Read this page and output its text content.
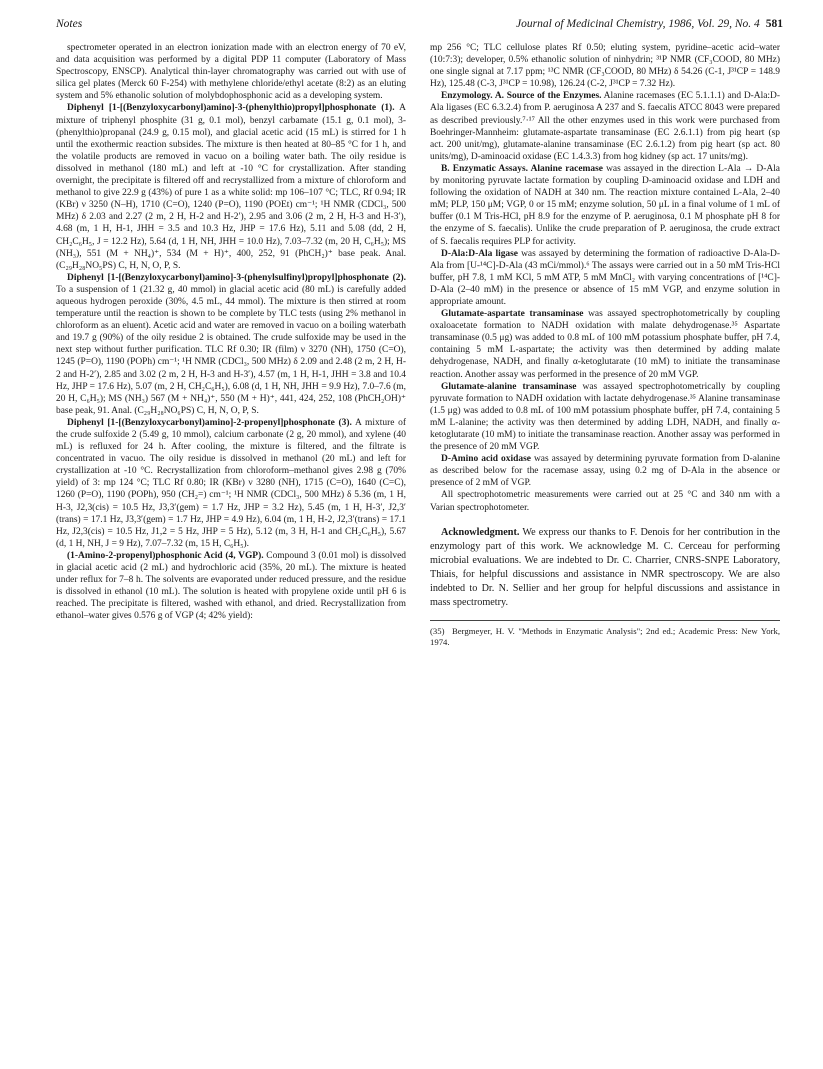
Notes	Journal of Medicinal Chemistry, 1986, Vol. 29, No. 4 581

spectrometer operated in an electron ionization made with an electron energy of 70 eV, and data acquisition was performed by a digital PDP 11 computer (Laboratory of Mass Spectroscopy, ENSCP). Analytical thin-layer chromatography was carried out with use of silica gel plates (Merck 60 F-254) with methylene chloride/ethyl acetate (8:2) as an eluting system and 5% ethanolic solution of molybdophosphonic acid as a developing system.

Diphenyl [1-[(Benzyloxycarbonyl)amino]-3-(phenylthio)propyl]phosphonate (1). A mixture of triphenyl phosphite (31 g, 0.1 mol), benzyl carbamate (15.1 g, 0.1 mol), 3-(phenylthio)propanal (24.9 g, 0.15 mol), and glacial acetic acid (15 mL) is stirred for 1 h until the exothermic reaction subsides. The mixture is then heated at 80–85 °C for 1 h, and the volatile products are removed in vacuo on a boiling water bath. The oily residue is dissolved in methanol (180 mL) and left at -10 °C for crystallization. After standing overnight, the precipitate is filtered off and recrystallized from a mixture of chloroform and methanol to give 22.9 g (43%) of pure 1 as a white solid: mp 106–107 °C; TLC, Rf 0.94; IR (KBr) ν 3250 (N–H), 1710 (C=O), 1240 (P=O), 1190 (POEt) cm⁻¹; ¹H NMR (CDCl₃, 500 MHz) δ 2.03 and 2.27 (2 m, 2 H, H-2 and H-2′), 2.95 and 3.06 (2 m, 2 H, H-3 and H-3′), 4.68 (m, 1 H, H-1, JHH = 3.5 and 10.3 Hz, JHP = 17.6 Hz), 5.11 and 5.08 (dd, 2 H, CH₂C₆H₅, J = 12.2 Hz), 5.64 (d, 1 H, NH, JHH = 10.0 Hz), 7.03–7.32 (m, 20 H, C₆H₅); MS (NH₃), 551 (M + NH₄)⁺, 534 (M + H)⁺, 400, 252, 91 (PhCH₂)⁺ base peak. Anal. (C₂₉H₂₈NO₅PS) C, H, N, O, P, S.

Diphenyl [1-[(Benzyloxycarbonyl)amino]-3-(phenylsulfinyl)propyl]phosphonate (2). To a suspension of 1 (21.32 g, 40 mmol) in glacial acetic acid (80 mL) is carefully added aqueous hydrogen peroxide (30%, 4.5 mL, 44 mmol). The mixture is then stirred at room temperature until the reaction is shown to be complete by TLC tests (using 2% methanol in chloroform as an eluent). Acetic acid and water are removed in vacuo on a boiling waterbath and 19.7 g (90%) of the oily residue 2 is obtained. The crude sulfoxide may be used in the next step without further purification. TLC Rf 0.30; IR (film) ν 3270 (NH), 1750 (C=O), 1245 (P=O), 1190 (POPh) cm⁻¹; ¹H NMR (CDCl₃, 500 MHz) δ 2.09 and 2.48 (2 m, 2 H, H-2 and H-2′), 2.85 and 3.02 (2 m, 2 H, H-3 and H-3′), 4.57 (m, 1 H, H-1, JHH = 3.8 and 10.4 Hz, JHP = 17.6 Hz), 5.07 (m, 2 H, CH₂C₆H₅), 6.08 (d, 1 H, NH, JHH = 9.9 Hz), 7.0–7.6 (m, 20 H, C₆H₅); MS (NH₃) 567 (M + NH₄)⁺, 550 (M + H)⁺, 441, 424, 252, 108 (PhCH₂OH)⁺ base peak, 91. Anal. (C₂₉H₂₈NO₆PS) C, H, N, O, P, S.

Diphenyl [1-[(Benzyloxycarbonyl)amino]-2-propenyl]phosphonate (3). A mixture of the crude sulfoxide 2 (5.49 g, 10 mmol), calcium carbonate (2 g, 20 mmol), and xylene (40 mL) is refluxed for 24 h. After cooling, the mixture is filtered, and the filtrate is concentrated in vacuo. The oily residue is dissolved in methanol (20 mL) and left for crystallization at -10 °C. Recrystallization from chloroform–methanol gives 2.98 g (70% yield) of 3: mp 124 °C; TLC Rf 0.80; IR (KBr) ν 3280 (NH), 1715 (C=O), 1640 (C=C), 1260 (P=O), 1190 (POPh), 950 (CH₂=) cm⁻¹; ¹H NMR (CDCl₃, 500 MHz) δ 5.36 (m, 1 H, H-3, J2,3(cis) = 10.5 Hz, J3,3′(gem) = 1.7 Hz, JHP = 3.2 Hz), 5.45 (m, 1 H, H-3′, J2,3′(trans) = 17.1 Hz, J3,3′(gem) = 1.7 Hz, JHP = 4.9 Hz), 6.04 (m, 1 H, H-2, J2,3′(trans) = 17.1 Hz, J2,3(cis) = 10.5 Hz, J1,2 = 5 Hz, JHP = 5 Hz), 5.12 (m, 3 H, H-1 and CH₂C₆H₅), 5.67 (d, 1 H, NH, J = 9 Hz), 7.07–7.32 (m, 15 H, C₆H₅).

(1-Amino-2-propenyl)phosphonic Acid (4, VGP). Compound 3 (0.01 mol) is dissolved in glacial acetic acid (2 mL) and hydrochloric acid (35%, 20 mL). The mixture is heated under reflux for 7–8 h. The solvents are evaporated under reduced pressure, and the residue is dissolved in ethanol (10 mL). The solution is heated with propylene oxide until pH 6 is reached. The precipitate is filtered, washed with ethanol, and dried. Recrystallization from ethanol–water gives 0.576 g of VGP (4; 42% yield):

mp 256 °C; TLC cellulose plates Rf 0.50; eluting system, pyridine–acetic acid–water (10:7:3); developer, 0.5% ethanolic solution of ninhydrin; ³¹P NMR (CF₃COOD, 80 MHz) one single signal at 7.17 ppm; ¹³C NMR (CF₃COOD, 80 MHz) δ 54.26 (C-1, J³¹CP = 148.9 Hz), 125.48 (C-3, J³¹CP = 10.98), 126.24 (C-2, J³¹CP = 7.32 Hz).

Enzymology. A. Source of the Enzymes. Alanine racemases (EC 5.1.1.1) and D-Ala:D-Ala ligases (EC 6.3.2.4) from P. aeruginosa A 237 and S. faecalis ATCC 8043 were prepared as described previously.⁷·¹⁷ All the other enzymes used in this work were purchased from Boehringer-Mannheim: glutamate-aspartate transaminase (EC 2.6.1.1) from pig heart (sp act. 200 unit/mg), glutamate-alanine transaminase (EC 2.6.1.2) from pig heart (sp act. 80 units/mg), D-aminoacid oxidase (EC 1.4.3.3) from hog kidney (sp act. 17 units/mg).

B. Enzymatic Assays. Alanine racemase was assayed in the direction L-Ala → D-Ala by monitoring pyruvate lactate formation by coupling D-aminoacid oxidase and LDH and following the oxidation of NADH at 340 nm. The reaction mixture contained L-Ala, 2–40 mM; PLP, 150 μM; VGP, 0 or 15 mM; enzyme solution, 50 μL in a final volume of 1 mL of buffer (0.1 M Tris-HCl, pH 8.9 for the enzyme of P. aeruginosa, 0.1 M phosphate pH 8 for the enzyme of S. faecalis). Unlike the crude preparation of P. aeruginosa, the crude extract of S. faecalis requires PLP for activity.

D-Ala:D-Ala ligase was assayed by determining the formation of radioactive D-Ala-D-Ala from [U-¹⁴C]-D-Ala (43 mCi/mmol).⁶ The assays were carried out in a 50 mM Tris-HCl buffer, pH 7.8, 1 mM KCl, 5 mM ATP, 5 mM MnCl₂ with varying concentrations of [¹⁴C]-D-Ala (2–40 mM) in the presence or absence of 15 mM VGP, and enzyme solution in appropriate amount.

Glutamate-aspartate transaminase was assayed spectrophotometrically by coupling oxaloacetate formation to NADH oxidation with malate dehydrogenase.³⁵ Aspartate transaminase (0.5 μg) was added to 0.8 mL of 100 mM potassium phosphate buffer, pH 7.4, containing 5 mM L-aspartate; the activity was then determined by adding malate dehydrogenase, NADH, and finally α-ketoglutarate (10 mM) to initiate the transaminase reaction. Another assay was performed in the presence of 20 mM VGP.

Glutamate-alanine transaminase was assayed spectrophotometrically by coupling pyruvate formation to NADH oxidation with lactate dehydrogenase.³⁵ Alanine transaminase (1.5 μg) was added to 0.8 mL of 100 mM potassium phosphate buffer, pH 7.4, containing 5 mM L-alanine; the activity was then determined by adding LDH, NADH, and finally α-ketoglutarate (10 mM) to initiate the transaminase reaction. Another assay was performed in the presence of 20 mM VGP.

D-Amino acid oxidase was assayed by determining pyruvate formation from D-alanine as described below for the racemase assay, using 0.2 mg of D-Ala in the absence or presence of 2 mM of VGP.

All spectrophotometric measurements were carried out at 25 °C and 340 nm with a Varian spectrophotometer.

Acknowledgment. We express our thanks to F. Denois for her contribution in the enzymology part of this work. We acknowledge M. C. Cerceau for performing microbial evaluations. We are indebted to Dr. C. Charrier, CNRS-SNPE Laboratory, Thiais, for helpful discussions and assistance in NMR spectroscopy. We are also indebted to Dr. N. Sellier and her group for helpful discussions and assistance in mass spectrometry.

(35) Bergmeyer, H. V. "Methods in Enzymatic Analysis"; 2nd ed.; Academic Press: New York, 1974.
